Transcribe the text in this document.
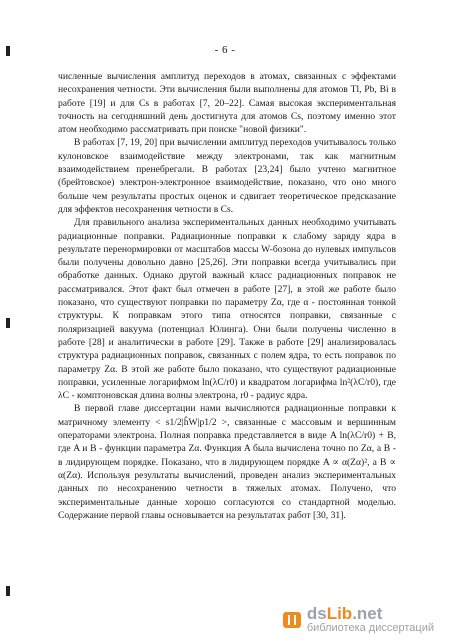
- 6 -

численные вычисления амплитуд переходов в атомах, связанных с эффектами несохранения четности. Эти вычисления были выполнены для атомов Tl, Pb, Bi в работе [19] и для Cs в работах [7, 20–22]. Самая высокая экспериментальная точность на сегодняшний день достигнута для атомов Cs, поэтому именно этот атом необходимо рассматривать при поиске "новой физики".

В работах [7, 19, 20] при вычислении амплитуд переходов учитывалось только кулоновское взаимодействие между электронами, так как магнитным взаимодействием пренебрегали. В работах [23,24] было учтено магнитное (брейтовское) электрон-электронное взаимодействие, показано, что оно много больше чем результаты простых оценок и сдвигает теоретическое предсказание для эффектов несохранения четности в Cs.

Для правильного анализа экспериментальных данных необходимо учитывать радиационные поправки. Радиационные поправки к слабому заряду ядра в результате перенормировки от масштабов массы W-бозона до нулевых импульсов были получены довольно давно [25,26]. Эти поправки всегда учитывались при обработке данных. Однако другой важный класс радиационных поправок не рассматривался. Этот факт был отмечен в работе [27], в этой же работе было показано, что существуют поправки по параметру Zα, где α - постоянная тонкой структуры. К поправкам этого типа относятся поправки, связанные с поляризацией вакуума (потенциал Юлинга). Они были получены численно в работе [28] и аналитически в работе [29]. Также в работе [29] анализировалась структура радиационных поправок, связанных с полем ядра, то есть поправок по параметру Zα. В этой же работе было показано, что существуют радиационные поправки, усиленные логарифмом ln(λC/r0) и квадратом логарифма ln²(λC/r0), где λC - комптоновская длина волны электрона, r0 - радиус ядра.

В первой главе диссертации нами вычисляются радиационные поправки к матричному элементу < s1/2|ĥW|p1/2 >, связанные с массовым и вершинным операторами электрона. Полная поправка представляется в виде A ln(λC/r0) + B, где A и B - функции параметра Zα. Функция A была вычислена точно по Zα, а B - в лидирующем порядке. Показано, что в лидирующем порядке A ∝ α(Zα)², а B ∝ α(Zα). Используя результаты вычислений, проведен анализ экспериментальных данных по несохранению четности в тяжелых атомах. Получено, что экспериментальные данные хорошо согласуются со стандартной моделью. Содержание первой главы основывается на результатах работ [30, 31].

dsLib.net
библиотека диссертаций
